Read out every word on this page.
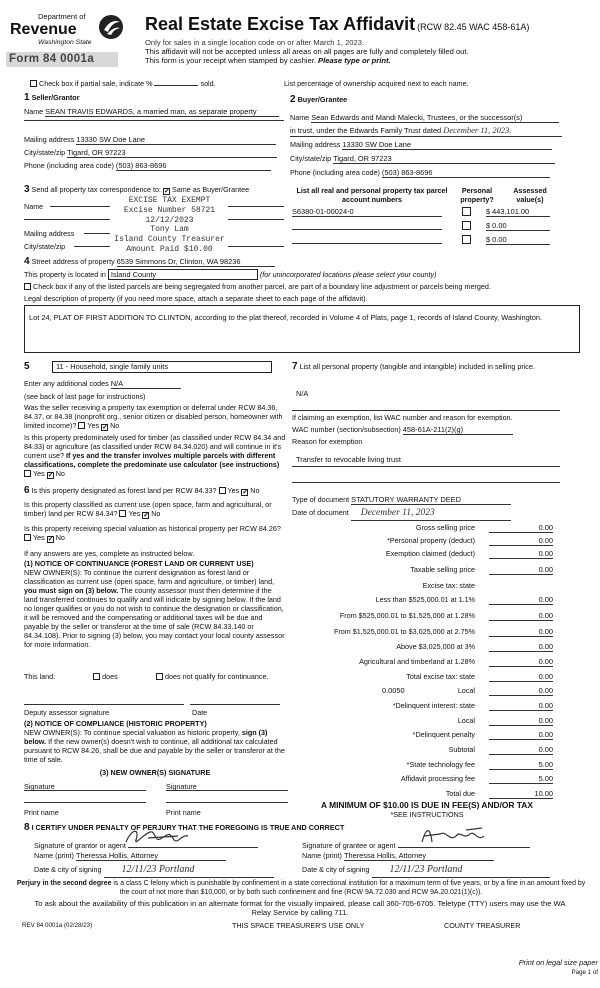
Department of
Revenue
Washington State
Form 84 0001a
Real Estate Excise Tax Affidavit (RCW 82.45 WAC 458-61A)
Only for sales in a single location code on or after March 1, 2023.
This affidavit will not be accepted unless all areas on all pages are fully and completely filled out.
This form is your receipt when stamped by cashier. Please type or print.
Check box if partial sale, indicate %	sold.	List percentage of ownership acquired next to each name.
1 Seller/Grantor
Name SEAN TRAVIS EDWARDS, a married man, as separate property
Mailing address 13330 SW Doe Lane
City/state/zip Tigard, OR 97223
Phone (including area code) (503) 863-8696
2 Buyer/Grantee
Name Sean Edwards and Mandi Malecki, Trustees, or the successor(s)
in trust, under the Edwards Family Trust dated December 11, 2023.
Mailing address 13330 SW Doe Lane
City/state/zip Tigard, OR 97223
Phone (including area code) (503) 863-8696
3 Send all property tax correspondence to: ✓ Same as Buyer/Grantee
Name
Mailing address
City/state/zip
EXCISE TAX EXEMPT
Excise Number 58721
12/12/2023
Tony Lam
Island County Treasurer
Amount Paid $10.00
List all real and personal property tax parcel account numbers
Personal property?
Assessed value(s)
S6380-01-00024-0	$ 443,101.00
$ 0.00
$ 0.00
4 Street address of property 6539 Simmons Dr, Clinton, WA 98236
This property is located in Island County	(for unincorporated locations please select your county)
Check box if any of the listed parcels are being segregated from another parcel, are part of a boundary line adjustment or parcels being merged.
Legal description of property (if you need more space, attach a separate sheet to each page of the affidavit).
Lot 24, PLAT OF FIRST ADDITION TO CLINTON, according to the plat thereof, recorded in Volume 4 of Plats, page 1, records of Island County, Washington.
5	11 - Household, single family units
Enter any additional codes N/A
(see back of last page for instructions)
Was the seller receiving a property tax exemption or deferral under RCW 84.36, 84.37, or 84.38 (nonprofit org., senior citizen or disabled person, homeowner with limited income)? Yes ✓ No
Is this property predominately used for timber (as classified under RCW 84.34 and 84.33) or agriculture (as classified under RCW 84.34.020) and will continue in it's current use? If yes and the transfer involves multiple parcels with different classifications, complete the predominate use calculator (see instructions) Yes ✓ No
6 Is this property designated as forest land per RCW 84.33? Yes ✓ No
Is this property classified as current use (open space, farm and agricultural, or timber) land per RCW 84.34? Yes ✓ No
Is this property receiving special valuation as historical property per RCW 84.26? Yes ✓ No
If any answers are yes, complete as instructed below.
(1) NOTICE OF CONTINUANCE (FOREST LAND OR CURRENT USE)
NEW OWNER(S): To continue the current designation as forest land or classification as current use (open space, farm and agriculture, or timber) land, you must sign on (3) below. The county assessor must then determine if the land transferred continues to qualify and will indicate by signing below. If the land no longer qualifies or you do not wish to continue the designation or classification, it will be removed and the compensating or additional taxes will be due and payable by the seller or transferor at the time of sale (RCW 84.33.140 or 84.34.108). Prior to signing (3) below, you may contact your local county assessor for more information.
This land:	does	does not qualify for continuance.
Deputy assessor signature	Date
(2) NOTICE OF COMPLIANCE (HISTORIC PROPERTY)
NEW OWNER(S): To continue special valuation as historic property, sign (3) below. If the new owner(s) doesn't wish to continue, all additional tax calculated pursuant to RCW 84.26, shall be due and payable by the seller or transferor at the time of sale.
(3) NEW OWNER(S) SIGNATURE
Signature	Signature
Print name	Print name
7 List all personal property (tangible and intangible) included in selling price.
N/A
If claiming an exemption, list WAC number and reason for exemption.
WAC number (section/subsection) 458-61A-211(2)(g)
Reason for exemption
Transfer to revocable living trust
Type of document STATUTORY WARRANTY DEED
Date of document December 11, 2023
Gross selling price	0.00
*Personal property (deduct)	0.00
Exemption claimed (deduct)	0.00
Taxable selling price	0.00
Excise tax: state
Less than $525,000.01 at 1.1%	0.00
From $525,000.01 to $1,525,000 at 1.28%	0.00
From $1,525,000.01 to $3,025,000 at 2.75%	0.00
Above $3,025,000 at 3%	0.00
Agricultural and timberland at 1.28%	0.00
Total excise tax: state	0.00
0.0050	Local	0.00
*Delinquent interest: state	0.00
Local	0.00
*Delinquent penalty	0.00
Subtotal	0.00
*State technology fee	5.00
Affidavit processing fee	5.00
Total due	10.00
A MINIMUM OF $10.00 IS DUE IN FEE(S) AND/OR TAX
*SEE INSTRUCTIONS
8 I CERTIFY UNDER PENALTY OF PERJURY THAT THE FOREGOING IS TRUE AND CORRECT
Signature of grantor or agent
Name (print) Theressa Hollis, Attorney
Date & city of signing 12/11/23 Portland
Signature of grantee or agent
Name (print) Theressa Hollis, Attorney
Date & city of signing 12/11/23 Portland
Perjury in the second degree is a class C felony which is punishable by confinement in a state correctional institution for a maximum term of five years, or by a fine in an amount fixed by the court of not more than $10,000, or by both such confinement and fine (RCW 9A.72.030 and RCW 9A.20.021(1)(c)).
To ask about the availability of this publication in an alternate format for the visually impaired, please call 360-705-6705. Teletype (TTY) users may use the WA Relay Service by calling 711.
REV 84 0001a (02/28/23)	THIS SPACE TREASURER'S USE ONLY	COUNTY TREASURER
Print on legal size paper
Page 1 of
